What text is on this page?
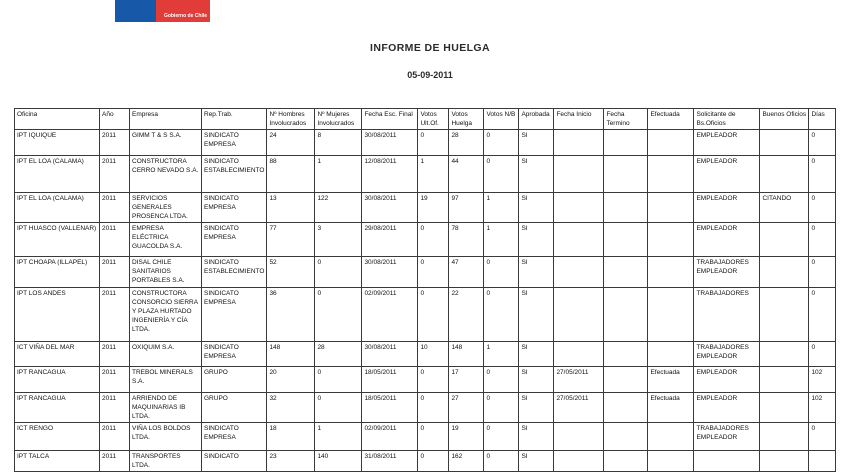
Gobierno de Chile
INFORME DE HUELGA
05-09-2011
Oficina	Año	Empresa	Rep.Trab.	Nº Hombres Involucrados	Nº Mujeres Involucrados	Fecha Esc. Final	Votos Ult.Of.	Votos Huelga	Votos N/B	Aprobada	Fecha Inicio	Fecha Termino	Efectuada	Solicitante de Bs.Oficios	Buenos Oficios	Días
IPT IQUIQUE	2011	GIMM T & S S.A.	SINDICATO EMPRESA	24	8	30/08/2011	0	28	0	SI				EMPLEADOR		0
IPT EL LOA (CALAMA)	2011	CONSTRUCTORA CERRO NEVADO S.A.	SINDICATO ESTABLECIMIENTO	88	1	12/08/2011	1	44	0	SI				EMPLEADOR		0
IPT EL LOA (CALAMA)	2011	SERVICIOS GENERALES PROSENCA LTDA.	SINDICATO EMPRESA	13	122	30/08/2011	19	97	1	SI				EMPLEADOR	CITANDO	0
IPT HUASCO (VALLENAR)	2011	EMPRESA ELÉCTRICA GUACOLDA S.A.	SINDICATO EMPRESA	77	3	29/08/2011	0	78	1	SI				EMPLEADOR		0
IPT CHOAPA (ILLAPEL)	2011	DISAL CHILE SANITARIOS PORTABLES S.A.	SINDICATO ESTABLECIMIENTO	52	0	30/08/2011	0	47	0	SI				TRABAJADORES EMPLEADOR		0
IPT LOS ANDES	2011	CONSTRUCTORA CONSORCIO SIERRA Y PLAZA HURTADO INGENIERÍA Y CÍA LTDA.	SINDICATO EMPRESA	36	0	02/09/2011	0	22	0	SI				TRABAJADORES		0
ICT VIÑA DEL MAR	2011	OXIQUIM S.A.	SINDICATO EMPRESA	148	28	30/08/2011	10	148	1	SI				TRABAJADORES EMPLEADOR		0
IPT RANCAGUA	2011	TREBOL MINERALS S.A.	GRUPO	20	0	18/05/2011	0	17	0	SI	27/05/2011		Efectuada	EMPLEADOR		102
IPT RANCAGUA	2011	ARRIENDO DE MAQUINARIAS IB LTDA.	GRUPO	32	0	18/05/2011	0	27	0	SI	27/05/2011		Efectuada	EMPLEADOR		102
ICT RENGO	2011	VIÑA LOS BOLDOS LTDA.	SINDICATO EMPRESA	18	1	02/09/2011	0	19	0	SI				TRABAJADORES EMPLEADOR		0
IPT TALCA	2011	TRANSPORTES LTDA.	SINDICATO	23	140	31/08/2011	0	162	0	SI						
